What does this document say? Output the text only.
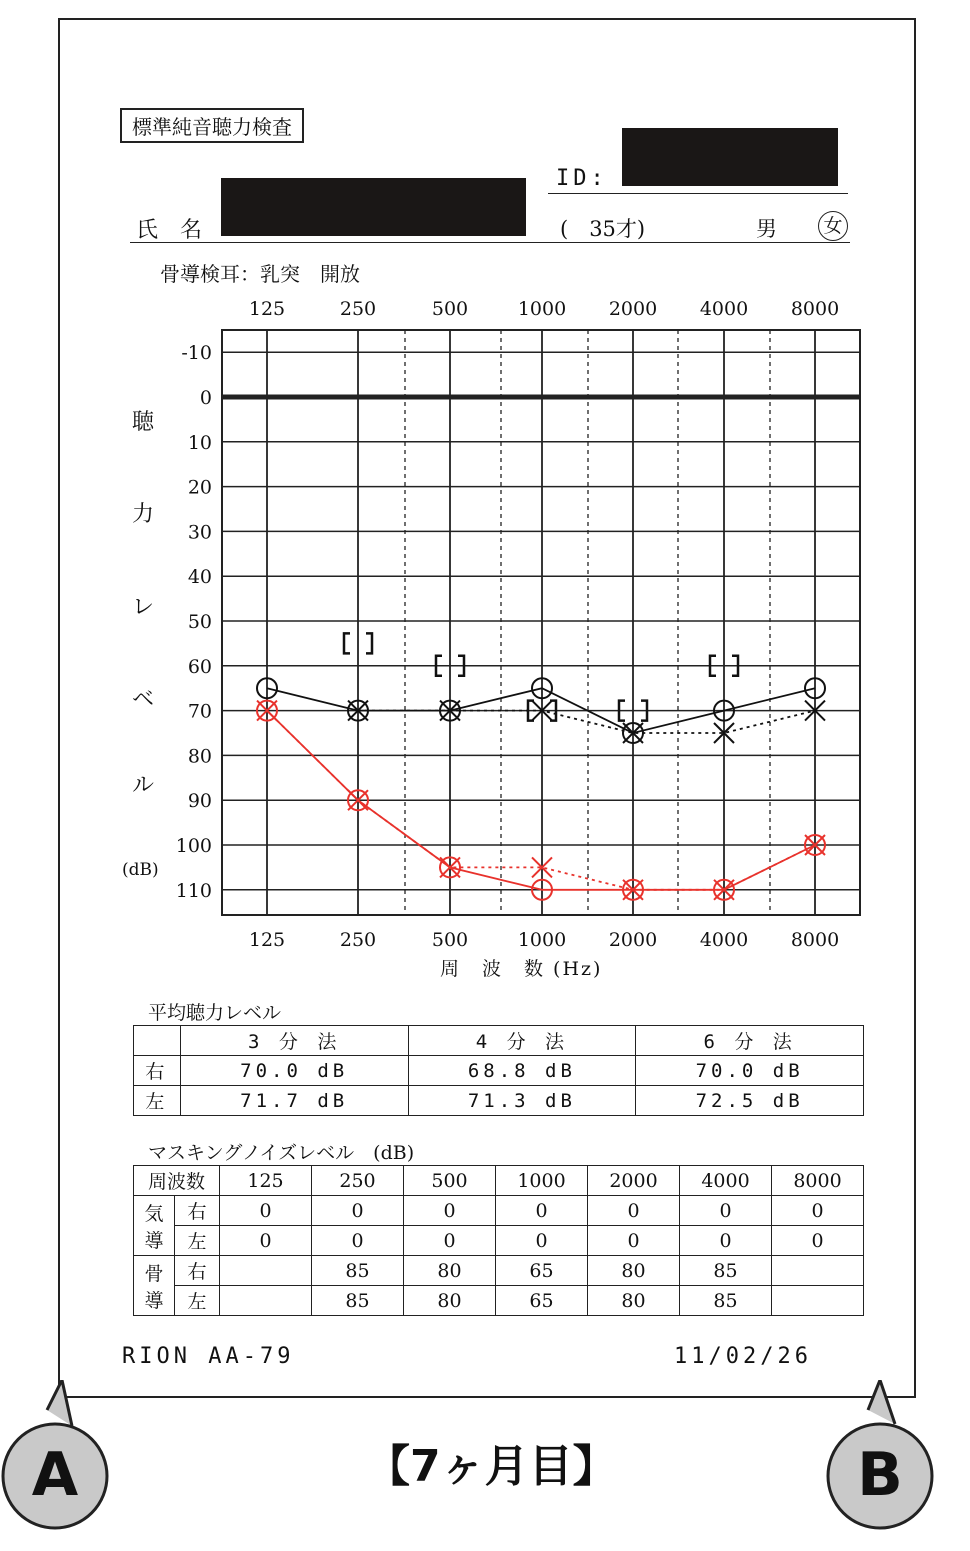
標準純音聴力検査
ID:
氏　名	(　35才)	男 女
骨導検耳：乳突　開放
聴
力
レ
ベ
ル
(dB)
-10
0
10
20
30
40
50
60
70
80
90
100
110
125
125
250
250
500
500
1000
1000
2000
2000
4000
4000
8000
8000
周　波　数 (Hz)
平均聴力レベル
	3 分 法	4 分 法	6 分 法
右	70.0 dB	68.8 dB	70.0 dB
左	71.7 dB	71.3 dB	72.5 dB
マスキングノイズレベル　(dB)
周波数		125	250	500	1000	2000	4000	8000
気
導	右	0	0	0	0	0	0	0
	左	0	0	0	0	0	0	0
骨
導	右		85	80	65	80	85	
	左		85	80	65	80	85	
RION AA-79	11/02/26
A	B
【7ヶ月目】
